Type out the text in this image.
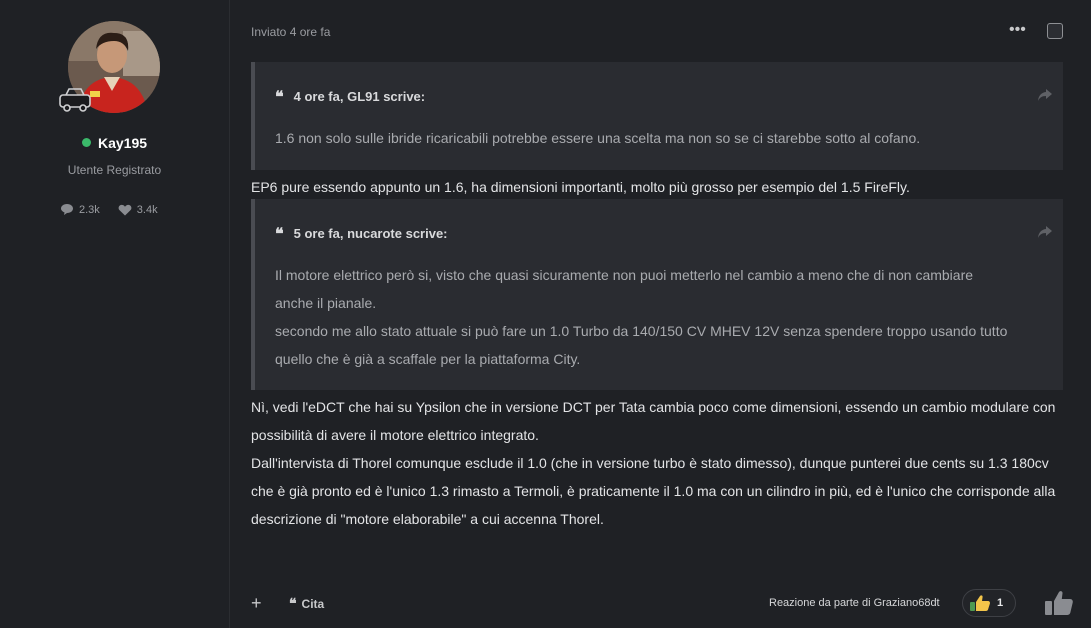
Kay195
Utente Registrato
2.3k	3.4k
Inviato 4 ore fa	•••
❝ 4 ore fa, GL91 scrive:
1.6 non solo sulle ibride ricaricabili potrebbe essere una scelta ma non so se ci starebbe sotto al cofano.
EP6 pure essendo appunto un 1.6, ha dimensioni importanti, molto più grosso per esempio del 1.5 FireFly.
❝ 5 ore fa, nucarote scrive:
Il motore elettrico però si, visto che quasi sicuramente non puoi metterlo nel cambio a meno che di non cambiare anche il pianale.
secondo me allo stato attuale si può fare un 1.0 Turbo da 140/150 CV MHEV 12V senza spendere troppo usando tutto quello che è già a scaffale per la piattaforma City.
Nì, vedi l'eDCT che hai su Ypsilon che in versione DCT per Tata cambia poco come dimensioni, essendo un cambio modulare con possibilità di avere il motore elettrico integrato.
Dall'intervista di Thorel comunque esclude il 1.0 (che in versione turbo è stato dimesso), dunque punterei due cents su 1.3 180cv che è già pronto ed è l'unico 1.3 rimasto a Termoli, è praticamente il 1.0 ma con un cilindro in più, ed è l'unico che corrisponde alla descrizione di "motore elaborabile" a cui accenna Thorel.
+ ❝ Cita	Reazione da parte di Graziano68dt	1
